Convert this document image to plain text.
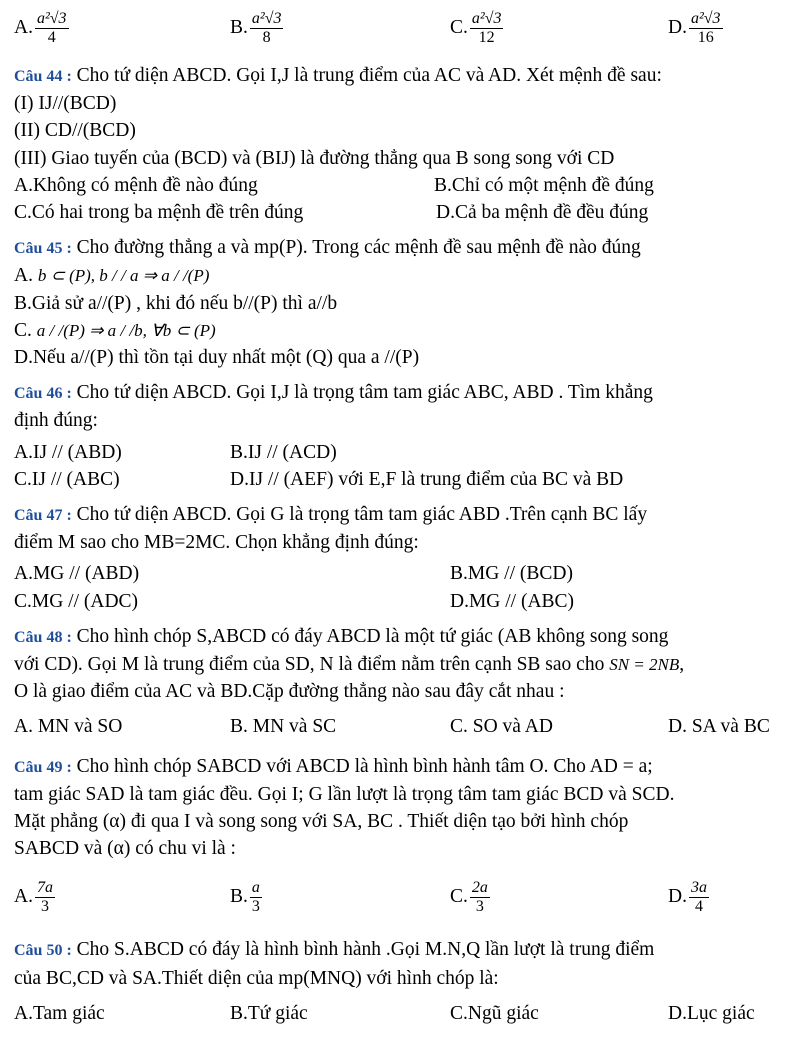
A. $\frac{\text{a²√3}}{4}$	B. $\frac{\text{a²√3}}{8}$	C. $\frac{\text{a²√3}}{12}$	D. $\frac{\text{a²√3}}{16}$
Câu 44 : Cho tứ diện ABCD. Gọi I,J là trung điểm của AC và AD. Xét mệnh đề sau:
(I) IJ//(BCD)
(II) CD//(BCD)
(III) Giao tuyến của (BCD) và (BIJ) là đường thẳng qua B song song với CD
A.Không có mệnh đề nào đúng	B.Chỉ có một mệnh đề đúng
C.Có hai trong ba mệnh đề trên đúng	D.Cả ba mệnh đề đều đúng
Câu 45 : Cho đường thẳng a và mp(P). Trong các mệnh đề sau mệnh đề nào đúng
A. b ⊂ (P), b / / a ⇒ a / /(P)
B.Giả sử a//(P) , khi đó nếu b//(P) thì a//b
C. a / /(P) ⇒ a / /b, ∀b ⊂ (P)
D.Nếu a//(P) thì tồn tại duy nhất một (Q) qua a //(P)
Câu 46 : Cho tứ diện ABCD. Gọi I,J là trọng tâm tam giác ABC, ABD . Tìm khẳng
định đúng:
A.IJ // (ABD)	B.IJ // (ACD)
C.IJ // (ABC)	D.IJ // (AEF) với E,F là trung điểm của BC và BD
Câu 47 : Cho tứ diện ABCD. Gọi G là trọng tâm tam giác ABD .Trên cạnh BC lấy
điểm M sao cho MB=2MC. Chọn khẳng định đúng:
A.MG // (ABD)	B.MG // (BCD)
C.MG // (ADC)	D.MG // (ABC)
Câu 48 : Cho hình chóp S,ABCD có đáy ABCD là một tứ giác (AB không song song
với CD). Gọi M là trung điểm của SD, N là điểm nằm trên cạnh SB sao cho SN = 2NB,
O là giao điểm của AC và BD.Cặp đường thẳng nào sau đây cắt nhau :
A. MN và SO	B. MN và SC	C. SO và AD	D. SA và BC
Câu 49 : Cho hình chóp SABCD với ABCD là hình bình hành tâm O. Cho AD = a;
tam giác SAD là tam giác đều. Gọi I; G lần lượt là trọng tâm tam giác BCD và SCD.
Mặt phẳng (α) đi qua I và song song với SA, BC . Thiết diện tạo bởi hình chóp
SABCD và (α) có chu vi là :
A. $\frac{7a}{3}$	B. $\frac{a}{3}$	C. $\frac{2a}{3}$	D. $\frac{3a}{4}$
Câu 50 : Cho S.ABCD có đáy là hình bình hành .Gọi M.N,Q lần lượt là trung điểm
của BC,CD và SA.Thiết diện của mp(MNQ) với hình chóp là:
A.Tam giác	B.Tứ giác	C.Ngũ giác	D.Lục giác
